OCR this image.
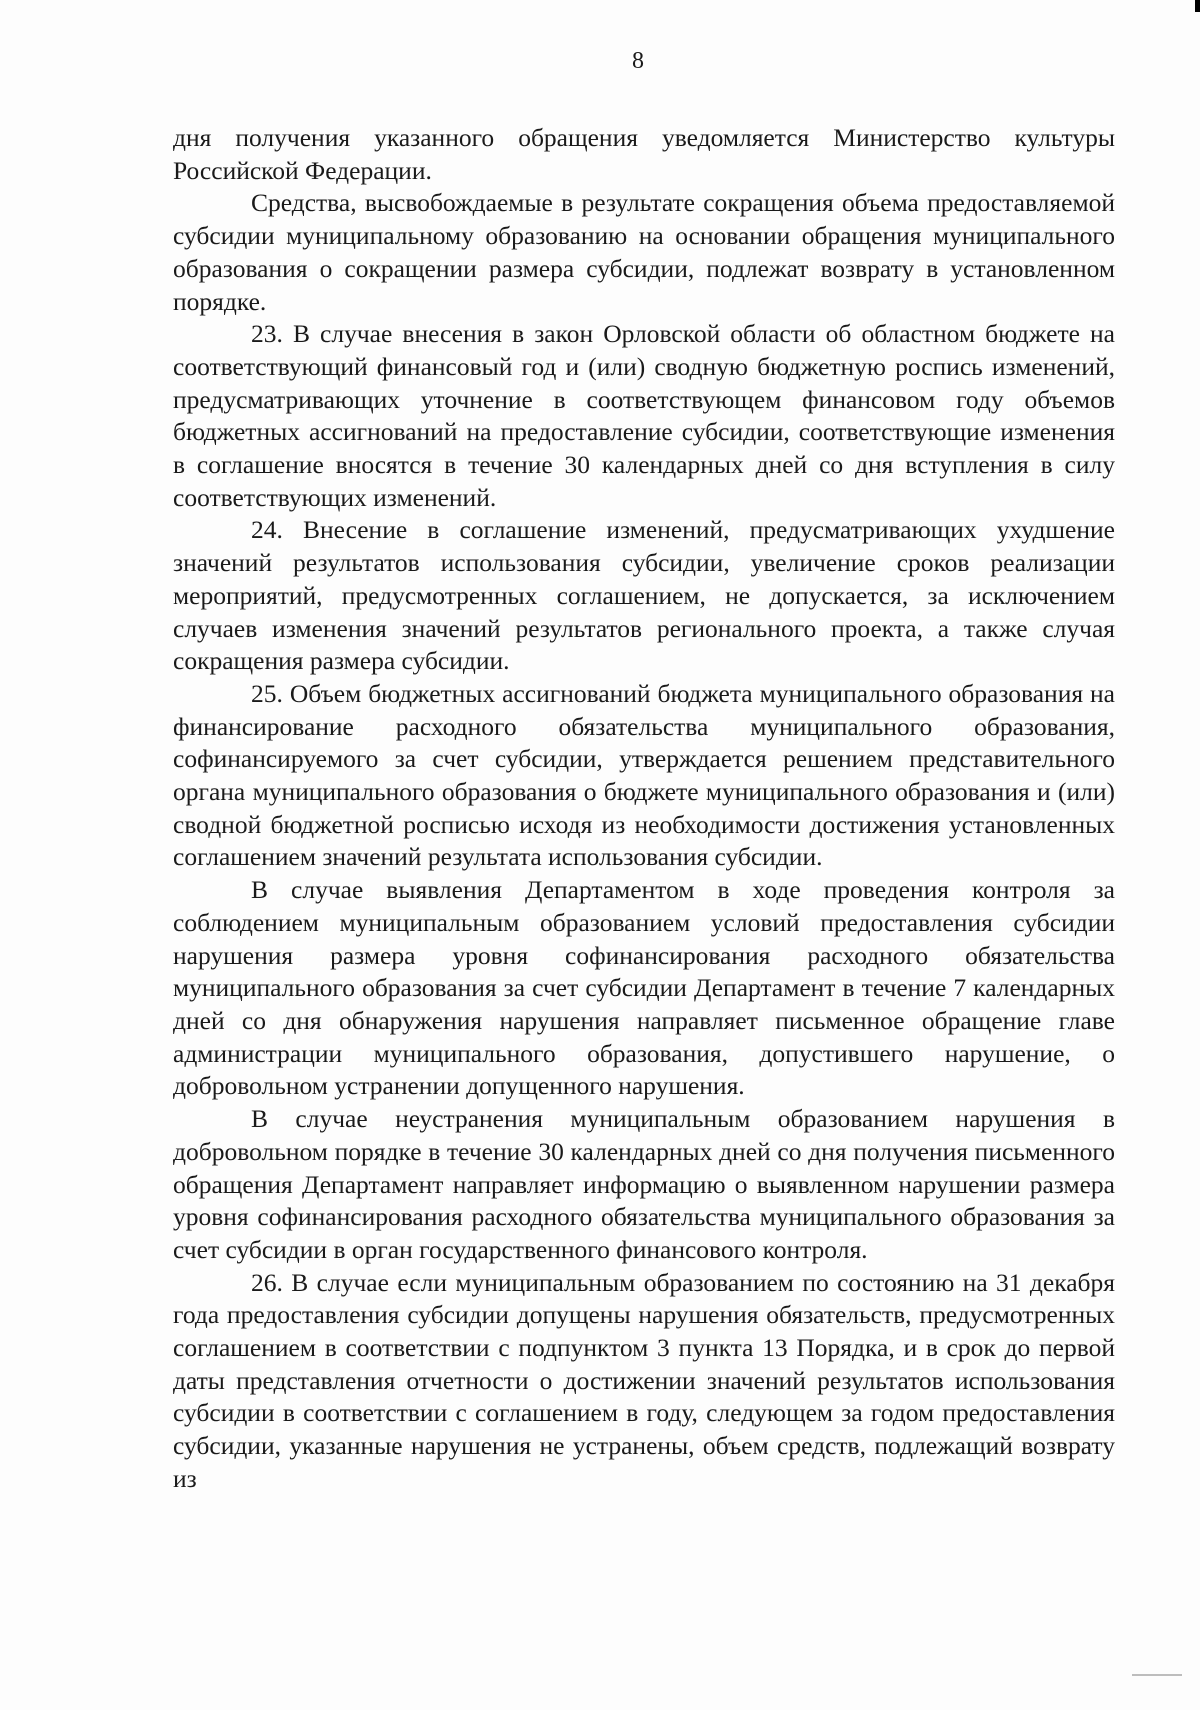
8

дня получения указанного обращения уведомляется Министерство культуры Российской Федерации.

Средства, высвобождаемые в результате сокращения объема предоставляемой субсидии муниципальному образованию на основании обращения муниципального образования о сокращении размера субсидии, подлежат возврату в установленном порядке.

23. В случае внесения в закон Орловской области об областном бюджете на соответствующий финансовый год и (или) сводную бюджетную роспись изменений, предусматривающих уточнение в соответствующем финансовом году объемов бюджетных ассигнований на предоставление субсидии, соответствующие изменения в соглашение вносятся в течение 30 календарных дней со дня вступления в силу соответствующих изменений.

24. Внесение в соглашение изменений, предусматривающих ухудшение значений результатов использования субсидии, увеличение сроков реализации мероприятий, предусмотренных соглашением, не допускается, за исключением случаев изменения значений результатов регионального проекта, а также случая сокращения размера субсидии.

25. Объем бюджетных ассигнований бюджета муниципального образования на финансирование расходного обязательства муниципального образования, софинансируемого за счет субсидии, утверждается решением представительного органа муниципального образования о бюджете муниципального образования и (или) сводной бюджетной росписью исходя из необходимости достижения установленных соглашением значений результата использования субсидии.

В случае выявления Департаментом в ходе проведения контроля за соблюдением муниципальным образованием условий предоставления субсидии нарушения размера уровня софинансирования расходного обязательства муниципального образования за счет субсидии Департамент в течение 7 календарных дней со дня обнаружения нарушения направляет письменное обращение главе администрации муниципального образования, допустившего нарушение, о добровольном устранении допущенного нарушения.

В случае неустранения муниципальным образованием нарушения в добровольном порядке в течение 30 календарных дней со дня получения письменного обращения Департамент направляет информацию о выявленном нарушении размера уровня софинансирования расходного обязательства муниципального образования за счет субсидии в орган государственного финансового контроля.

26. В случае если муниципальным образованием по состоянию на 31 декабря года предоставления субсидии допущены нарушения обязательств, предусмотренных соглашением в соответствии с подпунктом 3 пункта 13 Порядка, и в срок до первой даты представления отчетности о достижении значений результатов использования субсидии в соответствии с соглашением в году, следующем за годом предоставления субсидии, указанные нарушения не устранены, объем средств, подлежащий возврату из
